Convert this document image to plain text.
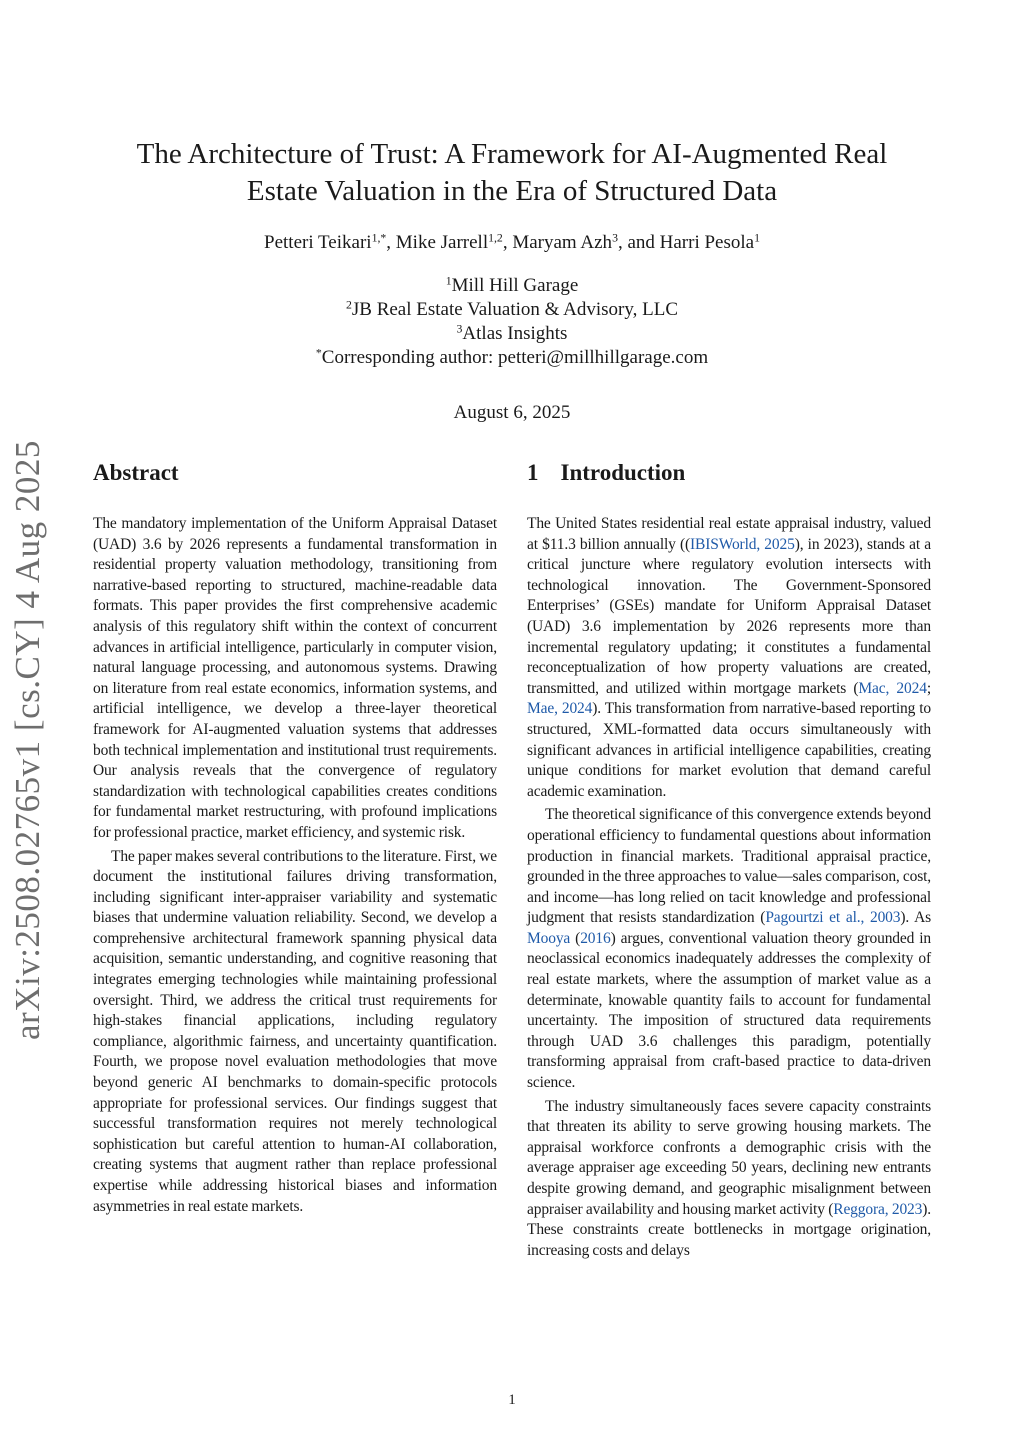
arXiv:2508.02765v1 [cs.CY] 4 Aug 2025
The Architecture of Trust: A Framework for AI-Augmented Real Estate Valuation in the Era of Structured Data
Petteri Teikari$^{1,*}$, Mike Jarrell$^{1,2}$, Maryam Azh$^3$, and Harri Pesola$^1$
$^1$Mill Hill Garage
$^2$JB Real Estate Valuation & Advisory, LLC
$^3$Atlas Insights
*Corresponding author: petteri@millhillgarage.com
August 6, 2025
Abstract

The mandatory implementation of the Uniform Appraisal Dataset (UAD) 3.6 by 2026 represents a fundamental transformation in residential property valuation methodology, transitioning from narrative-based reporting to structured, machine-readable data formats. This paper provides the first comprehensive academic analysis of this regulatory shift within the context of concurrent advances in artificial intelligence, particularly in computer vision, natural language processing, and autonomous systems. Drawing on literature from real estate economics, information systems, and artificial intelligence, we develop a three-layer theoretical framework for AI-augmented valuation systems that addresses both technical implementation and institutional trust requirements. Our analysis reveals that the convergence of regulatory standardization with technological capabilities creates conditions for fundamental market restructuring, with profound implications for professional practice, market efficiency, and systemic risk.

The paper makes several contributions to the literature. First, we document the institutional failures driving transformation, including significant inter-appraiser variability and systematic biases that undermine valuation reliability. Second, we develop a comprehensive architectural framework spanning physical data acquisition, semantic understanding, and cognitive reasoning that integrates emerging technologies while maintaining professional oversight. Third, we address the critical trust requirements for high-stakes financial applications, including regulatory compliance, algorithmic fairness, and uncertainty quantification. Fourth, we propose novel evaluation methodologies that move beyond generic AI benchmarks to domain-specific protocols appropriate for professional services. Our findings suggest that successful transformation requires not merely technological sophistication but careful attention to human-AI collaboration, creating systems that augment rather than replace professional expertise while addressing historical biases and information asymmetries in real estate markets.

1 Introduction

The United States residential real estate appraisal industry, valued at $11.3 billion annually ((IBISWorld, 2025), in 2023), stands at a critical juncture where regulatory evolution intersects with technological innovation. The Government-Sponsored Enterprises’ (GSEs) mandate for Uniform Appraisal Dataset (UAD) 3.6 implementation by 2026 represents more than incremental regulatory updating; it constitutes a fundamental reconceptualization of how property valuations are created, transmitted, and utilized within mortgage markets (Mac, 2024; Mae, 2024). This transformation from narrative-based reporting to structured, XML-formatted data occurs simultaneously with significant advances in artificial intelligence capabilities, creating unique conditions for market evolution that demand careful academic examination.

The theoretical significance of this convergence extends beyond operational efficiency to fundamental questions about information production in financial markets. Traditional appraisal practice, grounded in the three approaches to value—sales comparison, cost, and income—has long relied on tacit knowledge and professional judgment that resists standardization (Pagourtzi et al., 2003). As Mooya (2016) argues, conventional valuation theory grounded in neoclassical economics inadequately addresses the complexity of real estate markets, where the assumption of market value as a determinate, knowable quantity fails to account for fundamental uncertainty. The imposition of structured data requirements through UAD 3.6 challenges this paradigm, potentially transforming appraisal from craft-based practice to data-driven science.

The industry simultaneously faces severe capacity constraints that threaten its ability to serve growing housing markets. The appraisal workforce confronts a demographic crisis with the average appraiser age exceeding 50 years, declining new entrants despite growing demand, and geographic misalignment between appraiser availability and housing market activity (Reggora, 2023). These constraints create bottlenecks in mortgage origination, increasing costs and delays

1
